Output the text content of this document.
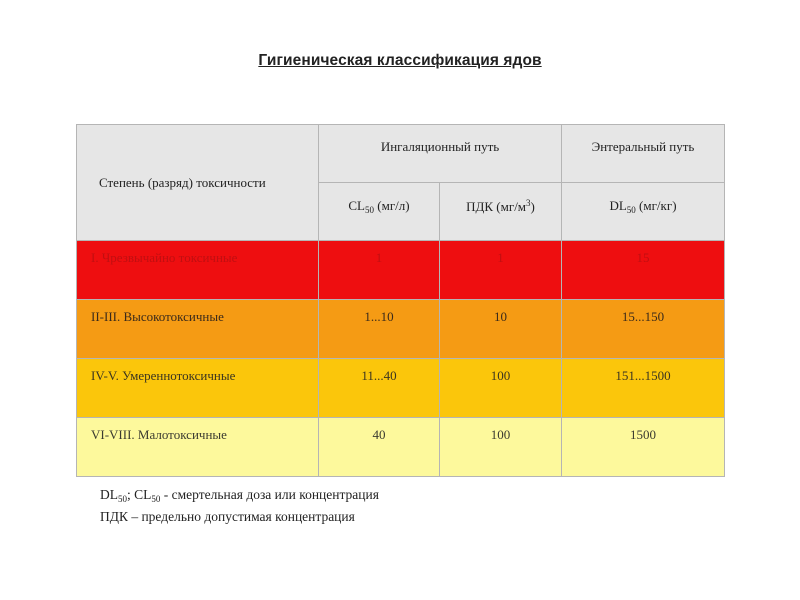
Гигиеническая классификация ядов
Степень (разряд) токсичности	Ингаляционный путь		Энтеральный путь
	$CL_{50}$ (мг/л)	ПДК $(мг/м^3)$	$DL_{50}$ (мг/кг)
I. Чрезвычайно токсичные	1	1	15
II-III. Высокотоксичные	1...10	10	15...150
IV-V. Умереннотоксичные	11...40	100	151...1500
VI-VIII. Малотоксичные	40	100	1500
$DL_{50}$; $CL_{50}$ - смертельная доза или концентрация
ПДК – предельно допустимая концентрация
